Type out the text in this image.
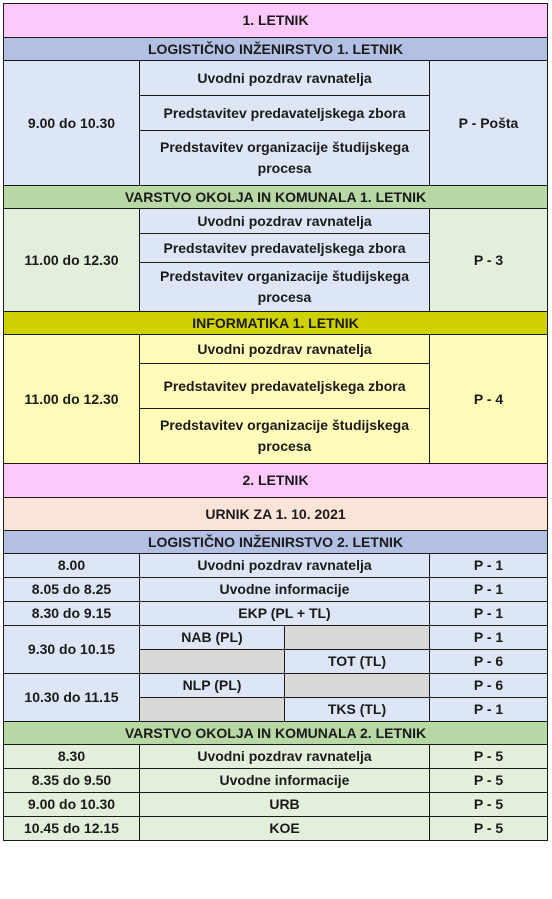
1. LETNIK			
LOGISTIČNO INŽENIRSTVO 1. LETNIK			
9.00 do 10.30	Uvodni pozdrav ravnatelja		P - Pošta
	Predstavitev predavateljskega zbora		
	Predstavitev organizacije študijskega procesa		
VARSTVO OKOLJA IN KOMUNALA 1. LETNIK			
11.00 do 12.30	Uvodni pozdrav ravnatelja		P - 3
	Predstavitev predavateljskega zbora		
	Predstavitev organizacije študijskega procesa		
INFORMATIKA 1. LETNIK			
11.00 do 12.30	Uvodni pozdrav ravnatelja		P - 4
	Predstavitev predavateljskega zbora		
	Predstavitev organizacije študijskega procesa		
2. LETNIK			
URNIK ZA 1. 10. 2021			
LOGISTIČNO INŽENIRSTVO 2. LETNIK			
8.00	Uvodni pozdrav ravnatelja		P - 1
8.05 do 8.25	Uvodne informacije		P - 1
8.30 do 9.15	EKP (PL + TL)		P - 1
9.30 do 10.15	NAB (PL)		P - 1
		TOT (TL)	P - 6
10.30 do 11.15	NLP (PL)		P - 6
		TKS (TL)	P - 1
VARSTVO OKOLJA IN KOMUNALA 2. LETNIK			
8.30	Uvodni pozdrav ravnatelja		P - 5
8.35 do 9.50	Uvodne informacije		P - 5
9.00 do 10.30	URB		P - 5
10.45 do 12.15	KOE		P - 5
